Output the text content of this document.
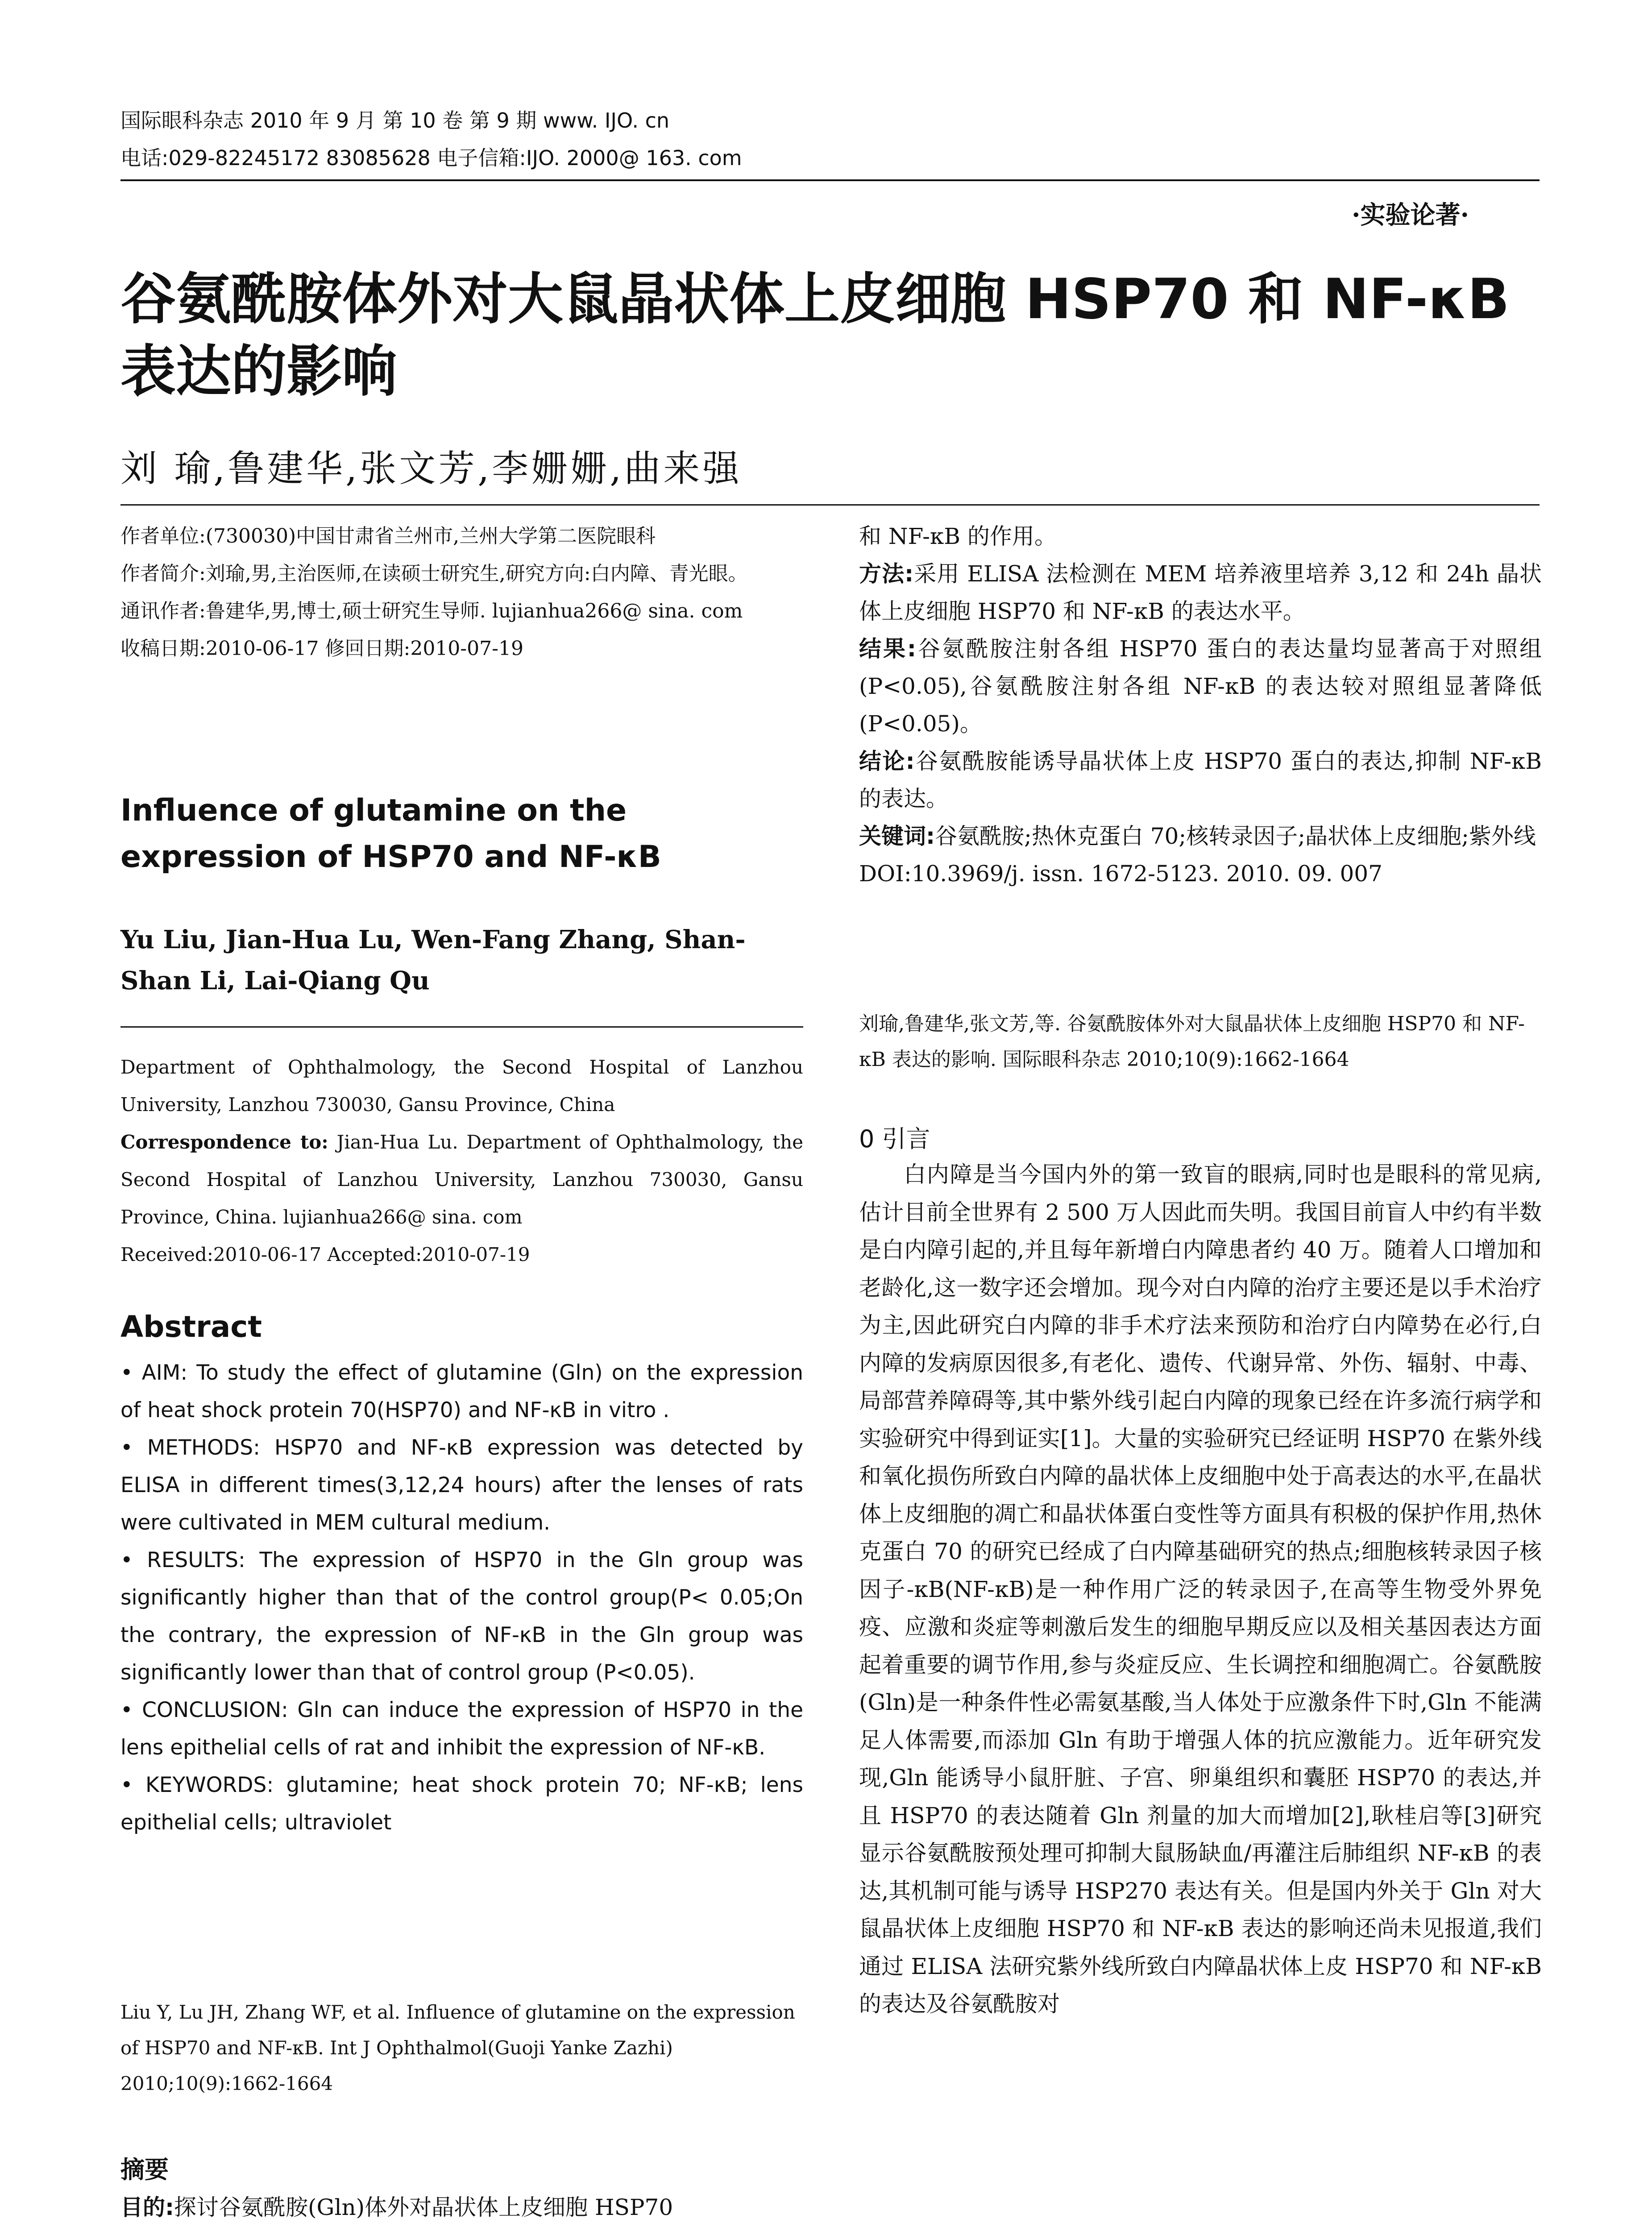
国际眼科杂志 2010 年 9 月 第 10 卷 第 9 期 www. IJO. cn
电话:029-82245172 83085628 电子信箱:IJO. 2000@ 163. com
·实验论著·
谷氨酰胺体外对大鼠晶状体上皮细胞 HSP70 和 NF-κB 表达的影响
刘 瑜,鲁建华,张文芳,李姗姗,曲来强
作者单位:(730030)中国甘肃省兰州市,兰州大学第二医院眼科
作者简介:刘瑜,男,主治医师,在读硕士研究生,研究方向:白内障、青光眼。
通讯作者:鲁建华,男,博士,硕士研究生导师. lujianhua266@ sina. com
收稿日期:2010-06-17 修回日期:2010-07-19
Influence of glutamine on the expression of HSP70 and NF-κB
Yu Liu, Jian-Hua Lu, Wen-Fang Zhang, Shan-Shan Li, Lai-Qiang Qu

Department of Ophthalmology, the Second Hospital of Lanzhou University, Lanzhou 730030, Gansu Province, China

Correspondence to: Jian-Hua Lu. Department of Ophthalmology, the Second Hospital of Lanzhou University, Lanzhou 730030, Gansu Province, China. lujianhua266@ sina. com

Received:2010-06-17 Accepted:2010-07-19

Abstract

• AIM: To study the effect of glutamine (Gln) on the expression of heat shock protein 70(HSP70) and NF-κB in vitro .

• METHODS: HSP70 and NF-κB expression was detected by ELISA in different times(3,12,24 hours) after the lenses of rats were cultivated in MEM cultural medium.

• RESULTS: The expression of HSP70 in the Gln group was significantly higher than that of the control group(P< 0.05;On the contrary, the expression of NF-κB in the Gln group was significantly lower than that of control group (P<0.05).

• CONCLUSION: Gln can induce the expression of HSP70 in the lens epithelial cells of rat and inhibit the expression of NF-κB.

• KEYWORDS: glutamine; heat shock protein 70; NF-κB; lens epithelial cells; ultraviolet

Liu Y, Lu JH, Zhang WF, et al. Influence of glutamine on the expression of HSP70 and NF-κB. Int J Ophthalmol(Guoji Yanke Zazhi) 2010;10(9):1662-1664
摘要
目的:探讨谷氨酰胺(Gln)体外对晶状体上皮细胞 HSP70

和 NF-κB 的作用。

方法:采用 ELISA 法检测在 MEM 培养液里培养 3,12 和 24h 晶状体上皮细胞 HSP70 和 NF-κB 的表达水平。

结果:谷氨酰胺注射各组 HSP70 蛋白的表达量均显著高于对照组(P<0.05),谷氨酰胺注射各组 NF-κB 的表达较对照组显著降低(P<0.05)。

结论:谷氨酰胺能诱导晶状体上皮 HSP70 蛋白的表达,抑制 NF-κB 的表达。

关键词:谷氨酰胺;热休克蛋白 70;核转录因子;晶状体上皮细胞;紫外线

DOI:10.3969/j. issn. 1672-5123. 2010. 09. 007

刘瑜,鲁建华,张文芳,等. 谷氨酰胺体外对大鼠晶状体上皮细胞 HSP70 和 NF-κB 表达的影响. 国际眼科杂志 2010;10(9):1662-1664
0 引言
白内障是当今国内外的第一致盲的眼病,同时也是眼科的常见病,估计目前全世界有 2 500 万人因此而失明。我国目前盲人中约有半数是白内障引起的,并且每年新增白内障患者约 40 万。随着人口增加和老龄化,这一数字还会增加。现今对白内障的治疗主要还是以手术治疗为主,因此研究白内障的非手术疗法来预防和治疗白内障势在必行,白内障的发病原因很多,有老化、遗传、代谢异常、外伤、辐射、中毒、局部营养障碍等,其中紫外线引起白内障的现象已经在许多流行病学和实验研究中得到证实[1]。大量的实验研究已经证明 HSP70 在紫外线和氧化损伤所致白内障的晶状体上皮细胞中处于高表达的水平,在晶状体上皮细胞的凋亡和晶状体蛋白变性等方面具有积极的保护作用,热休克蛋白 70 的研究已经成了白内障基础研究的热点;细胞核转录因子核因子-κB(NF-κB)是一种作用广泛的转录因子,在高等生物受外界免疫、应激和炎症等刺激后发生的细胞早期反应以及相关基因表达方面起着重要的调节作用,参与炎症反应、生长调控和细胞凋亡。谷氨酰胺(Gln)是一种条件性必需氨基酸,当人体处于应激条件下时,Gln 不能满足人体需要,而添加 Gln 有助于增强人体的抗应激能力。近年研究发现,Gln 能诱导小鼠肝脏、子宫、卵巢组织和囊胚 HSP70 的表达,并且 HSP70 的表达随着 Gln 剂量的加大而增加[2],耿桂启等[3]研究显示谷氨酰胺预处理可抑制大鼠肠缺血/再灌注后肺组织 NF-κB 的表达,其机制可能与诱导 HSP270 表达有关。但是国内外关于 Gln 对大鼠晶状体上皮细胞 HSP70 和 NF-κB 表达的影响还尚未见报道,我们通过 ELISA 法研究紫外线所致白内障晶状体上皮 HSP70 和 NF-κB 的表达及谷氨酰胺对
